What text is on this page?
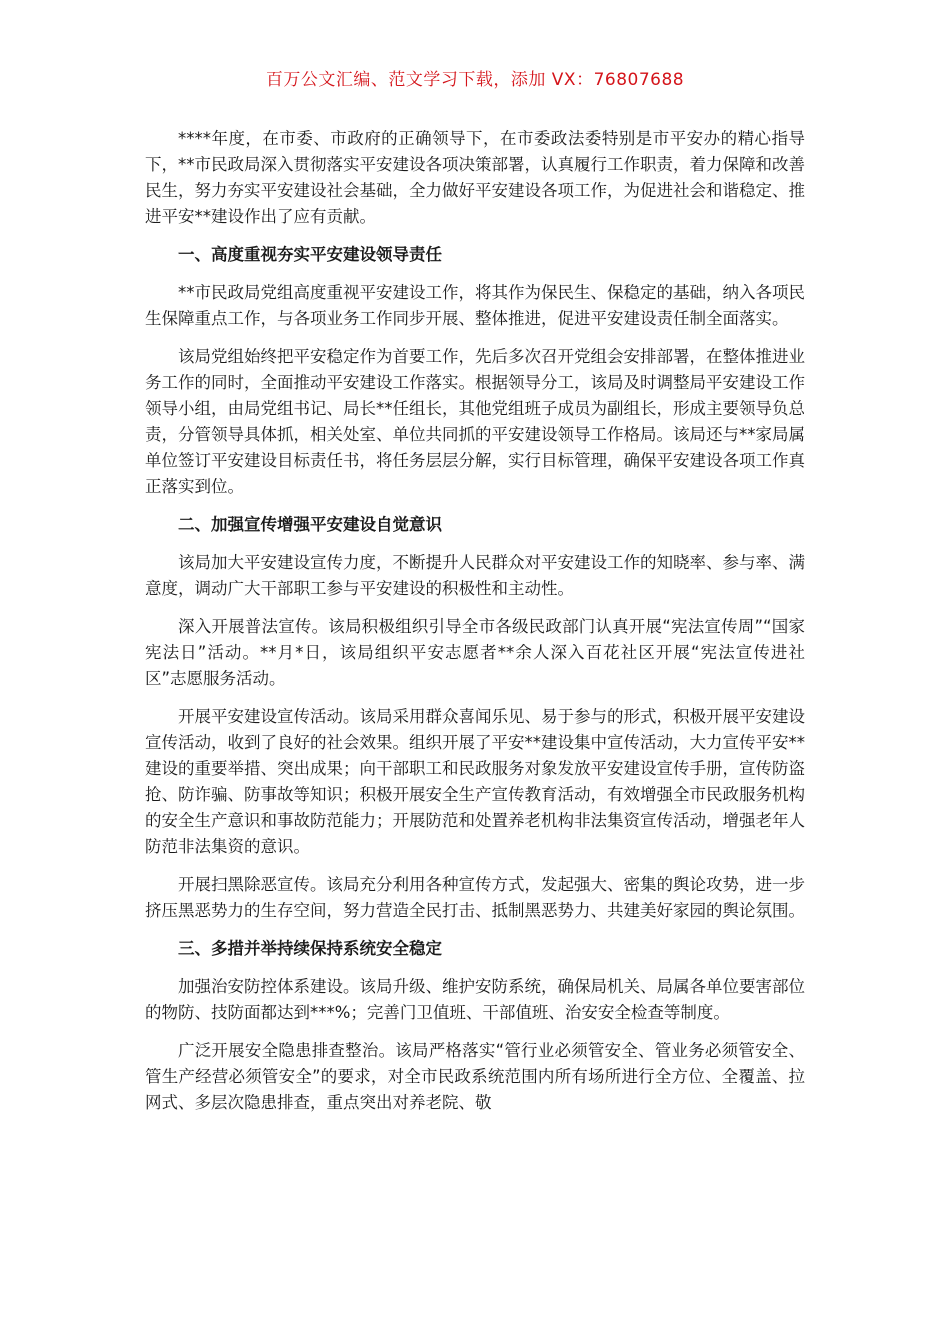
百万公文汇编、范文学习下载，添加 VX：76807688

****年度，在市委、市政府的正确领导下，在市委政法委特别是市平安办的精心指导下，**市民政局深入贯彻落实平安建设各项决策部署，认真履行工作职责，着力保障和改善民生，努力夯实平安建设社会基础，全力做好平安建设各项工作，为促进社会和谐稳定、推进平安**建设作出了应有贡献。

一、高度重视夯实平安建设领导责任

**市民政局党组高度重视平安建设工作，将其作为保民生、保稳定的基础，纳入各项民生保障重点工作，与各项业务工作同步开展、整体推进，促进平安建设责任制全面落实。

该局党组始终把平安稳定作为首要工作，先后多次召开党组会安排部署，在整体推进业务工作的同时，全面推动平安建设工作落实。根据领导分工，该局及时调整局平安建设工作领导小组，由局党组书记、局长**任组长，其他党组班子成员为副组长，形成主要领导负总责，分管领导具体抓，相关处室、单位共同抓的平安建设领导工作格局。该局还与**家局属单位签订平安建设目标责任书，将任务层层分解，实行目标管理，确保平安建设各项工作真正落实到位。

二、加强宣传增强平安建设自觉意识

该局加大平安建设宣传力度，不断提升人民群众对平安建设工作的知晓率、参与率、满意度，调动广大干部职工参与平安建设的积极性和主动性。

深入开展普法宣传。该局积极组织引导全市各级民政部门认真开展“宪法宣传周”“国家宪法日”活动。**月*日，该局组织平安志愿者**余人深入百花社区开展“宪法宣传进社区”志愿服务活动。

开展平安建设宣传活动。该局采用群众喜闻乐见、易于参与的形式，积极开展平安建设宣传活动，收到了良好的社会效果。组织开展了平安**建设集中宣传活动，大力宣传平安**建设的重要举措、突出成果；向干部职工和民政服务对象发放平安建设宣传手册，宣传防盗抢、防诈骗、防事故等知识；积极开展安全生产宣传教育活动，有效增强全市民政服务机构的安全生产意识和事故防范能力；开展防范和处置养老机构非法集资宣传活动，增强老年人防范非法集资的意识。

开展扫黑除恶宣传。该局充分利用各种宣传方式，发起强大、密集的舆论攻势，进一步挤压黑恶势力的生存空间，努力营造全民打击、抵制黑恶势力、共建美好家园的舆论氛围。

三、多措并举持续保持系统安全稳定

加强治安防控体系建设。该局升级、维护安防系统，确保局机关、局属各单位要害部位的物防、技防面都达到***%；完善门卫值班、干部值班、治安安全检查等制度。

广泛开展安全隐患排查整治。该局严格落实“管行业必须管安全、管业务必须管安全、管生产经营必须管安全”的要求，对全市民政系统范围内所有场所进行全方位、全覆盖、拉网式、多层次隐患排查，重点突出对养老院、敬
